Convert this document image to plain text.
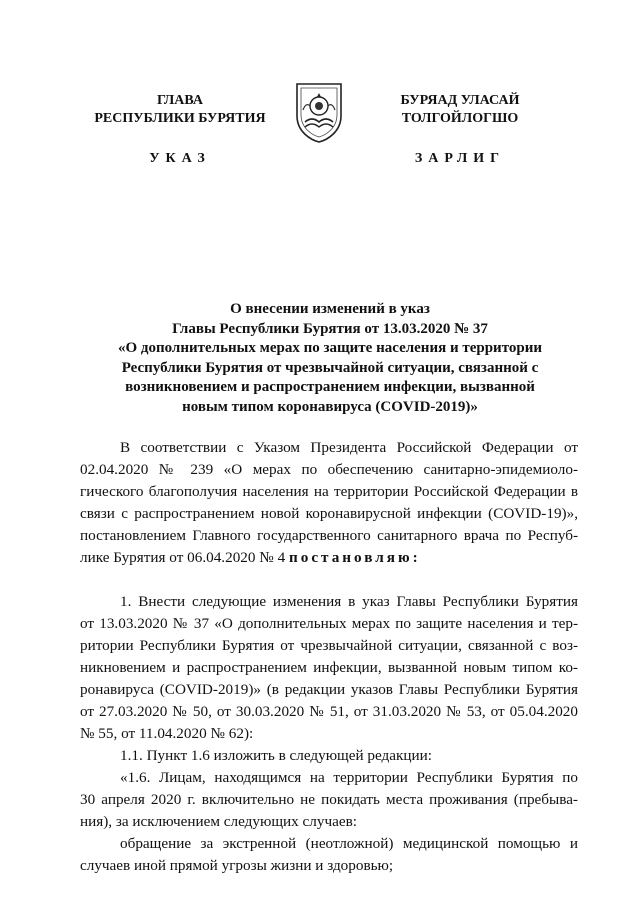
ГЛАВА
РЕСПУБЛИКИ БУРЯТИЯ
УКАЗ
БУРЯАД УЛАСАЙ
ТОЛГОЙЛОГШО
ЗАРЛИГ
О внесении изменений в указ
Главы Республики Бурятия от 13.03.2020 № 37
«О дополнительных мерах по защите населения и территории
Республики Бурятия от чрезвычайной ситуации, связанной с
возникновением и распространением инфекции, вызванной
новым типом коронавируса (COVID-2019)»
В соответствии с Указом Президента Российской Федерации от
02.04.2020 № 239 «О мерах по обеспечению санитарно-эпидемиоло-
гического благополучия населения на территории Российской Федерации в
связи с распространением новой коронавирусной инфекции (COVID-19)»,
постановлением Главного государственного санитарного врача по Респуб-
лике Бурятия от 06.04.2020 № 4 постановляю:
1. Внести следующие изменения в указ Главы Республики Бурятия
от 13.03.2020 № 37 «О дополнительных мерах по защите населения и тер-
ритории Республики Бурятия от чрезвычайной ситуации, связанной с воз-
никновением и распространением инфекции, вызванной новым типом ко-
ронавируса (COVID-2019)» (в редакции указов Главы Республики Бурятия
от 27.03.2020 № 50, от 30.03.2020 № 51, от 31.03.2020 № 53, от 05.04.2020
№ 55, от 11.04.2020 № 62):
1.1. Пункт 1.6 изложить в следующей редакции:
«1.6. Лицам, находящимся на территории Республики Бурятия по
30 апреля 2020 г. включительно не покидать места проживания (пребыва-
ния), за исключением следующих случаев:
обращение за экстренной (неотложной) медицинской помощью и
случаев иной прямой угрозы жизни и здоровью;
